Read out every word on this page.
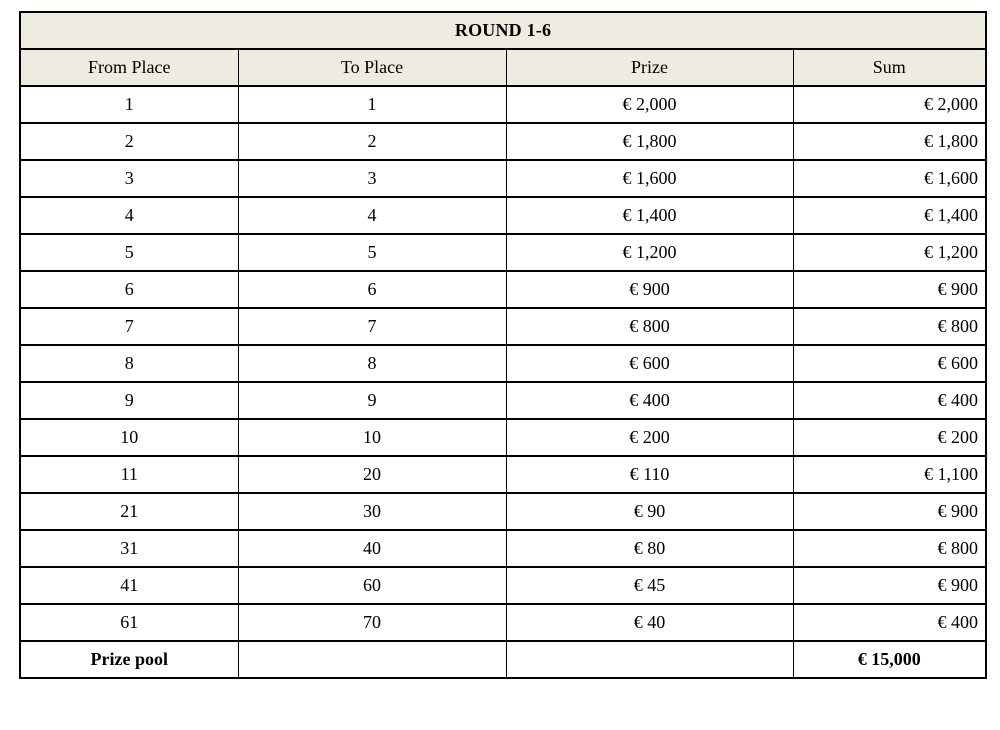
ROUND 1-6			
From Place	To Place	Prize	Sum
1	1	€ 2,000	€ 2,000
2	2	€ 1,800	€ 1,800
3	3	€ 1,600	€ 1,600
4	4	€ 1,400	€ 1,400
5	5	€ 1,200	€ 1,200
6	6	€ 900	€ 900
7	7	€ 800	€ 800
8	8	€ 600	€ 600
9	9	€ 400	€ 400
10	10	€ 200	€ 200
11	20	€ 110	€ 1,100
21	30	€ 90	€ 900
31	40	€ 80	€ 800
41	60	€ 45	€ 900
61	70	€ 40	€ 400
Prize pool			€ 15,000
